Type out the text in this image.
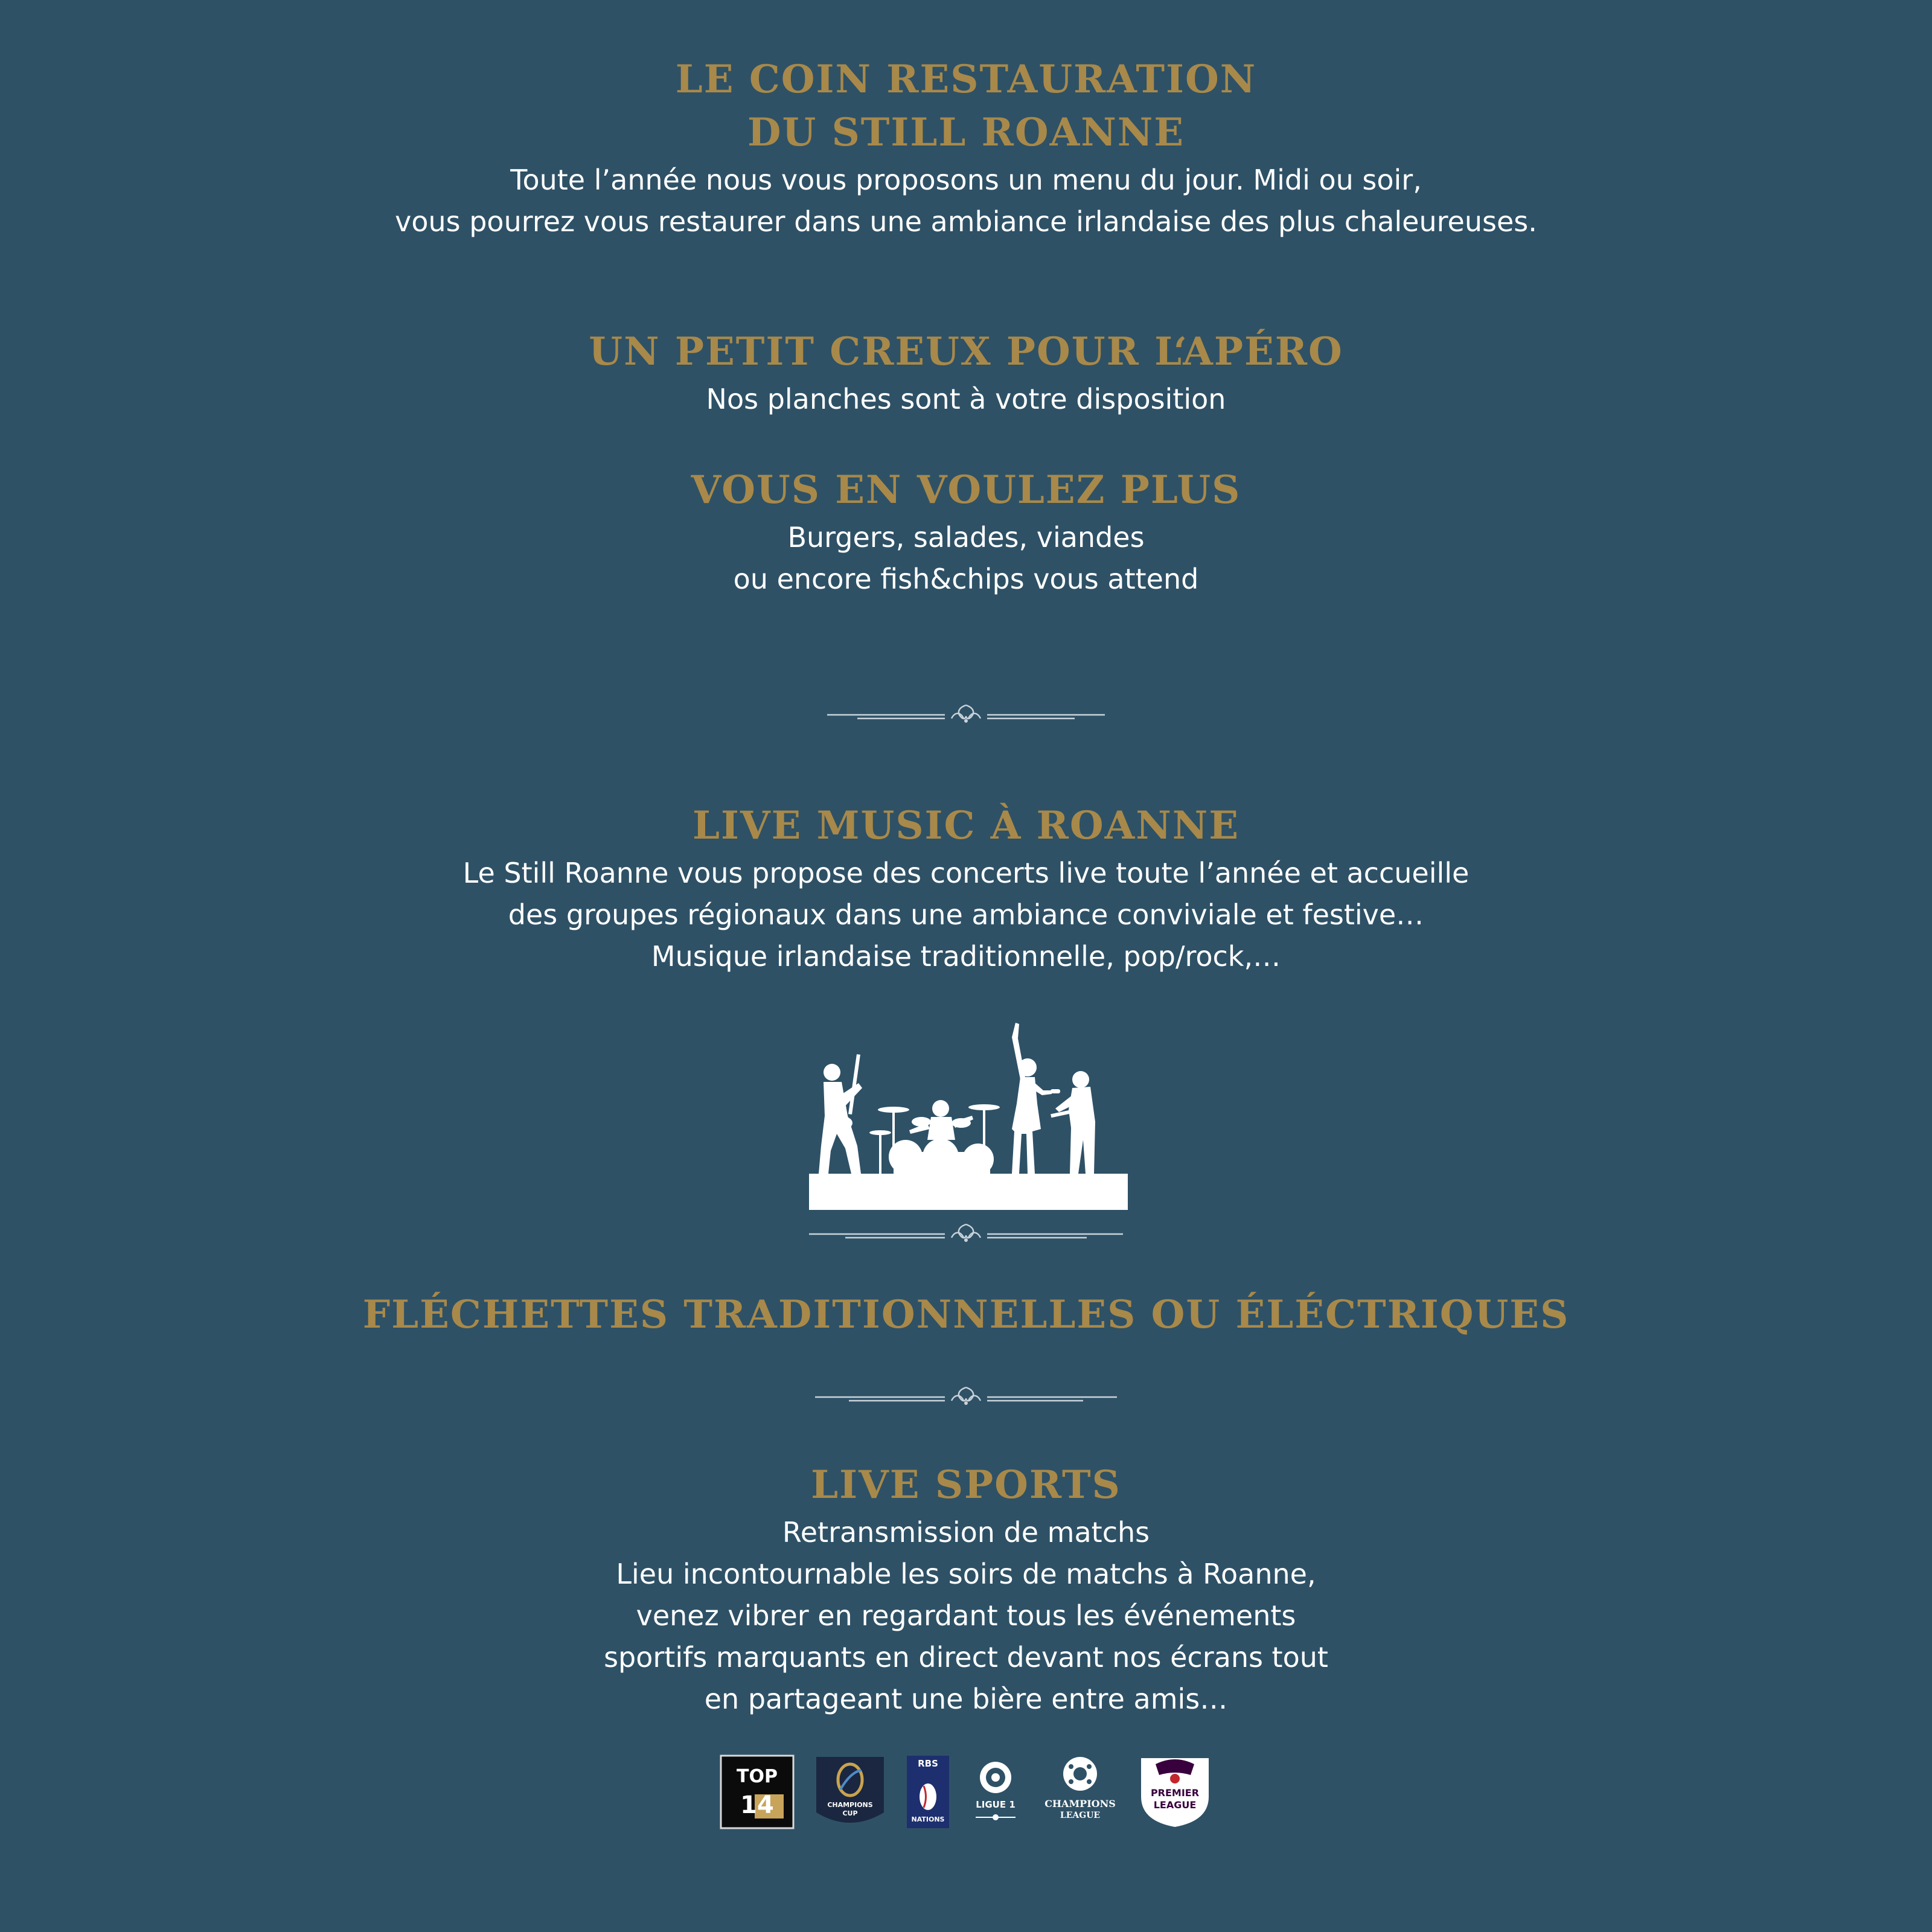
LE COIN RESTAURATION

DU STILL ROANNE

Toute l’année nous vous proposons un menu du jour. Midi ou soir,

vous pourrez vous restaurer dans une ambiance irlandaise des plus chaleureuses.

UN PETIT CREUX POUR L‘APÉRO

Nos planches sont à votre disposition

VOUS EN VOULEZ PLUS

Burgers, salades, viandes

ou encore fish&chips vous attend

LIVE MUSIC À ROANNE

Le Still Roanne vous propose des concerts live toute l’année et accueille

des groupes régionaux dans une ambiance conviviale et festive…

Musique irlandaise traditionnelle, pop/rock,…

FLÉCHETTES TRADITIONNELLES OU ÉLÉCTRIQUES

LIVE SPORTS

Retransmission de matchs

Lieu incontournable les soirs de matchs à Roanne,

venez vibrer en regardant tous les événements

sportifs marquants en direct devant nos écrans tout

en partageant une bière entre amis…

TOP
14	CHAMPIONS
CUP
RBS
NATIONS
LIGUE 1	CHAMPIONS
LEAGUE
PREMIER
LEAGUE
